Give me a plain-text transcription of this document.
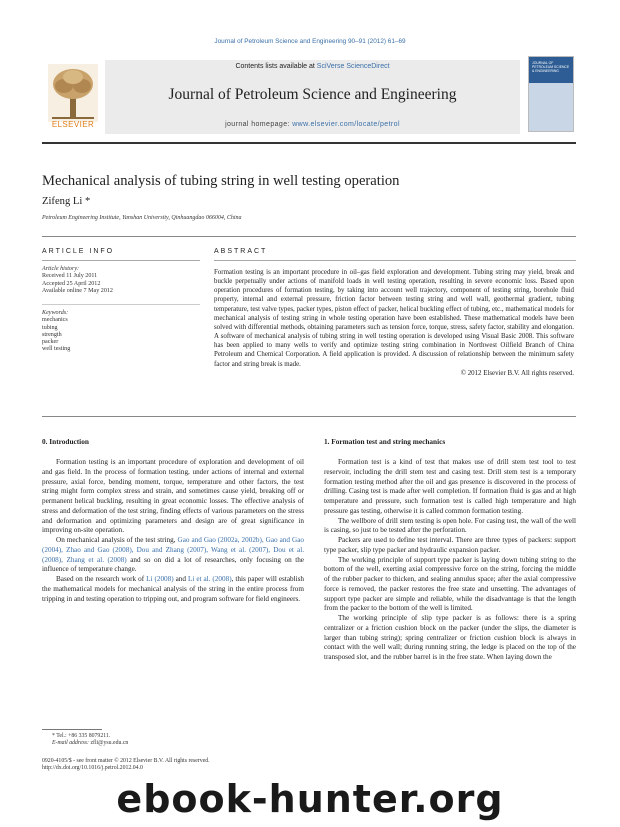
Journal of Petroleum Science and Engineering 90–91 (2012) 61–69
Contents lists available at SciVerse ScienceDirect
Journal of Petroleum Science and Engineering
journal homepage: www.elsevier.com/locate/petrol
ELSEVIER
JOURNAL OF PETROLEUM SCIENCE & ENGINEERING
Mechanical analysis of tubing string in well testing operation
Zifeng Li *
Petroleum Engineering Institute, Yanshan University, Qinhuangdao 066004, China
ARTICLE INFO
Article history:
Received 11 July 2011
Accepted 25 April 2012
Available online 7 May 2012
Keywords:
mechanics
tubing
strength
packer
well testing
ABSTRACT
Formation testing is an important procedure in oil–gas field exploration and development. Tubing string may yield, break and buckle perpetually under actions of manifold loads in well testing operation, resulting in severe economic loss. Based upon operation procedures of formation testing, by taking into account well trajectory, component of testing string, borehole fluid property, internal and external pressure, friction factor between testing string and well wall, geothermal gradient, tubing temperature, test valve types, packer types, piston effect of packer, helical buckling effect of tubing, etc., mathematical models for mechanical analysis of testing string in whole testing operation have been established. These mathematical models have been solved with differential methods, obtaining parameters such as tension force, torque, stress, safety factor, stability and elongation. A software of mechanical analysis of tubing string in well testing operation is developed using Visual Basic 2008. This software has been applied to many wells to verify and optimize testing string combination in Northwest Oilfield Branch of China Petroleum and Chemical Corporation. A field application is provided. A discussion of relationship between the minimum safety factor and string break is made.
© 2012 Elsevier B.V. All rights reserved.
0. Introduction

Formation testing is an important procedure of exploration and development of oil and gas field. In the process of formation testing, under actions of internal and external pressure, axial force, bending moment, torque, temperature and other factors, the test string might form complex stress and strain, and sometimes cause yield, breaking off or permanent helical buckling, resulting in great economic losses. The effective analysis of stress and deformation of the test string, finding effects of various parameters on the stress and deformation and optimizing parameters and design are of great significance in improving on-site operation.

On mechanical analysis of the test string, Gao and Gao (2002a, 2002b), Gao and Gao (2004), Zhao and Gao (2008), Dou and Zhang (2007), Wang et al. (2007), Dou et al. (2008), Zhang et al. (2008) and so on did a lot of researches, only focusing on the influence of temperature change.

Based on the research work of Li (2008) and Li et al. (2008), this paper will establish the mathematical models for mechanical analysis of the string in the entire process from tripping in and testing operation to tripping out, and program software for field engineers.

* Tel.: +86 335 8079211.
E-mail address: zfli@ysu.edu.cn
0920-4105/$ - see front matter © 2012 Elsevier B.V. All rights reserved.
http://dx.doi.org/10.1016/j.petrol.2012.04.0
1. Formation test and string mechanics

Formation test is a kind of test that makes use of drill stem test tool to test reservoir, including the drill stem test and casing test. Drill stem test is a temporary formation testing method after the oil and gas presence is discovered in the process of drilling. Casing test is made after well completion. If formation fluid is gas and at high temperature and pressure, such formation test is called high temperature and high pressure gas testing, otherwise it is called common formation testing.

The wellbore of drill stem testing is open hole. For casing test, the wall of the well is casing, so just to be tested after the perforation.

Packers are used to define test interval. There are three types of packers: support type packer, slip type packer and hydraulic expansion packer.

The working principle of support type packer is laying down tubing string to the bottom of the well, exerting axial compressive force on the string, forcing the middle of the rubber packer to thicken, and sealing annulus space; after the axial compressive force is removed, the packer restores the free state and unsetting. The advantages of support type packer are simple and reliable, while the disadvantage is that the length from the packer to the bottom of the well is limited.

The working principle of slip type packer is as follows: there is a spring centralizer or a friction cushion block on the packer (under the slips, the diameter is larger than tubing string); spring centralizer or friction cushion block is always in contact with the well wall; during running string, the ledge is placed on the top of the transposed slot, and the rubber barrel is in the free state. When laying down the

ebook-hunter.org
